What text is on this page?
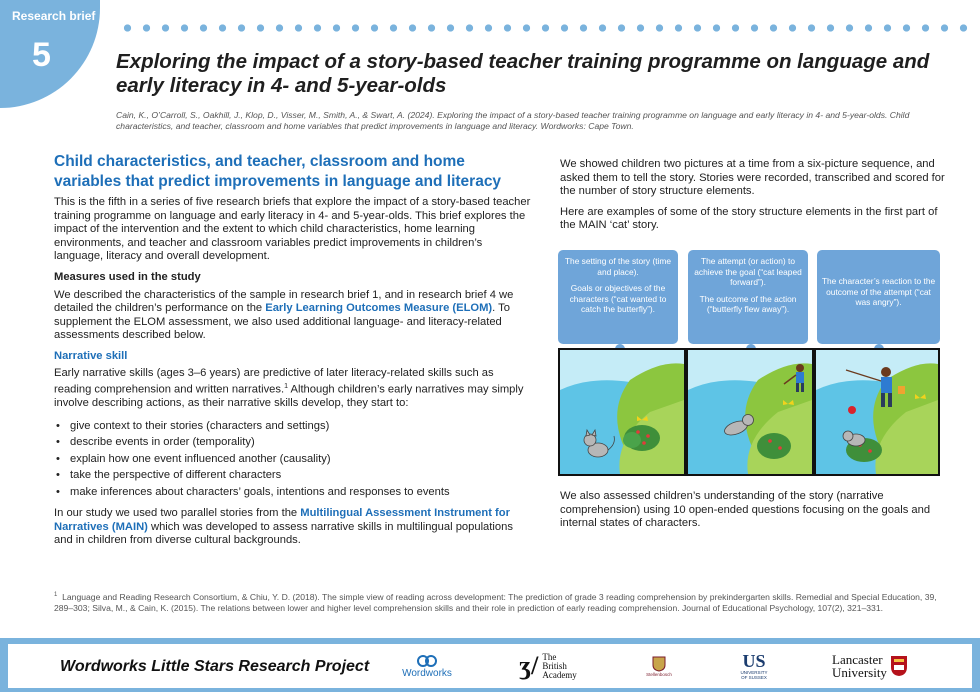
Research brief
5	Exploring the impact of a story-based teacher training programme on language and early literacy in 4- and 5-year-olds
Cain, K., O’Carroll, S., Oakhill, J., Klop, D., Visser, M., Smith, A., & Swart, A. (2024). Exploring the impact of a story-based teacher training programme on language and early literacy in 4- and 5-year-olds. Child characteristics, and teacher, classroom and home variables that predict improvements in language and literacy. Wordworks: Cape Town.
Child characteristics, and teacher, classroom and home variables that predict improvements in language and literacy

This is the fifth in a series of five research briefs that explore the impact of a story-based teacher training programme on language and early literacy in 4- and 5-year-olds. This brief explores the impact of the intervention and the extent to which child characteristics, home learning environments, and teacher and classroom variables predict improvements in children’s language, literacy and overall development.

Measures used in the study

We described the characteristics of the sample in research brief 1, and in research brief 4 we detailed the children’s performance on the Early Learning Outcomes Measure (ELOM). To supplement the ELOM assessment, we also used additional language- and literacy-related assessments described below.

Narrative skill

Early narrative skills (ages 3–6 years) are predictive of later literacy-related skills such as reading comprehension and written narratives.$^1$ Although children’s early narratives may simply involve describing actions, as their narrative skills develop, they start to:

• give context to their stories (characters and settings)
• describe events in order (temporality)
• explain how one event influenced another (causality)
• take the perspective of different characters
• make inferences about characters’ goals, intentions and responses to events

In our study we used two parallel stories from the Multilingual Assessment Instrument for Narratives (MAIN) which was developed to assess narrative skills in multilingual populations and in children from diverse cultural backgrounds.

We showed children two pictures at a time from a six-picture sequence, and asked them to tell the story. Stories were recorded, transcribed and scored for the number of story structure elements.

Here are examples of some of the story structure elements in the first part of the MAIN ‘cat’ story.

The setting of the story (time and place).
Goals or objectives of the characters (“cat wanted to catch the butterfly”).
The attempt (or action) to achieve the goal (“cat leaped forward”).
The outcome of the action (“butterfly flew away”).
The character’s reaction to the outcome of the attempt (“cat was angry”).

We also assessed children’s understanding of the story (narrative comprehension) using 10 open-ended questions focusing on the goals and internal states of characters.

$^1$ Language and Reading Research Consortium, & Chiu, Y. D. (2018). The simple view of reading across development: The prediction of grade 3 reading comprehension by prekindergarten skills. Remedial and Special Education, 39, 289–303; Silva, M., & Cain, K. (2015). The relations between lower and higher level comprehension skills and their role in prediction of early reading comprehension. Journal of Educational Psychology, 107(2), 321–331.
Wordworks Little Stars Research Project	Wordworks	ʒ/ The
British
Academy	Stellenbosch
US
UNIVERSITY
OF SUSSEX
Lancaster
University
